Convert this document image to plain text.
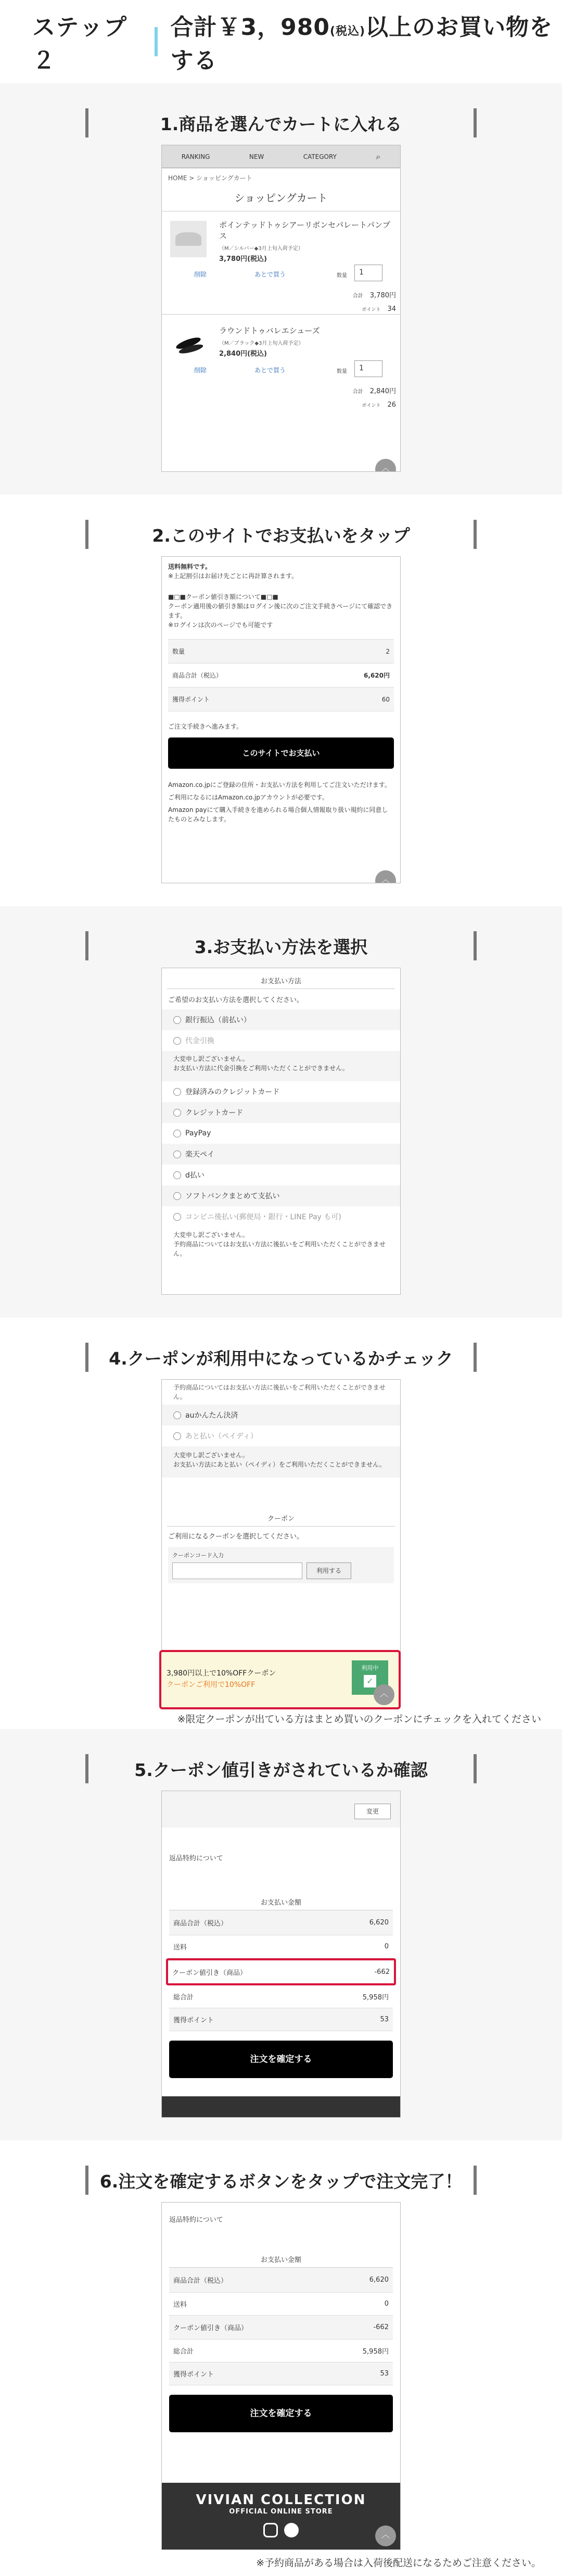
ステップ２
合計￥3，980(税込)以上のお買い物をする
1.商品を選んでカートに入れる
RANKING	NEW	CATEGORY	⌕
HOME > ショッピングカート
ショッピングカート
ポインテッドトゥシアーリボンセパレートパンプス
（M／シルバー◆3月上旬入荷予定）
3,780円(税込)
削除	あとで買う	数量	1
合計　 3,780円
ポイント　 34
ラウンドトゥバレエシューズ
（M／ブラック◆3月上旬入荷予定）
2,840円(税込)
削除	あとで買う	数量	1
合計　 2,840円
ポイント　 26
︿
2.このサイトでお支払いをタップ
送料無料です。
※上記割引はお届け先ごとに再計算されます。
■□■クーポン値引き額について■□■
クーポン適用後の値引き額はログイン後に次のご注文手続きページにて確認できます。
※ログインは次のページでも可能です
数量	2
商品合計（税込）	6,620円
獲得ポイント	60
ご注文手続きへ進みます。
このサイトでお支払い
Amazon.co.jpにご登録の住所・お支払い方法を利用してご注文いただけます。
ご利用になるにはAmazon.co.jpアカウントが必要です。
Amazon payにて購入手続きを進められる場合個人情報取り扱い規約に同意したものとみなします。
︿
3.お支払い方法を選択
お支払い方法
ご希望のお支払い方法を選択してください。
銀行振込（前払い）
代金引換
大変申し訳ございません。
お支払い方法に代金引換をご利用いただくことができません。
登録済みのクレジットカード
クレジットカード
PayPay
楽天ペイ
d払い
ソフトバンクまとめて支払い
コンビニ後払い(郵便局・銀行・LINE Pay も可)
大変申し訳ございません。
予約商品についてはお支払い方法に後払いをご利用いただくことができません。
4.クーポンが利用中になっているかチェック
予約商品についてはお支払い方法に後払いをご利用いただくことができません。
auかんたん決済
あと払い（ペイディ）
大変申し訳ございません。
お支払い方法にあと払い（ペイディ）をご利用いただくことができません。
クーポン
ご利用になるクーポンを選択してください。
クーポンコード入力
利用する
3,980円以上で10%OFFクーポン
クーポンご利用で10%OFF
利用中
✓
︿
※限定クーポンが出ている方はまとめ買いのクーポンにチェックを入れてください
5.クーポン値引きがされているか確認
変更
返品特約について
お支払い金額
商品合計（税込）	6,620
送料	0
クーポン値引き（商品）	-662
総合計	5,958円
獲得ポイント	53
注文を確定する
6.注文を確定するボタンをタップで注文完了！
返品特約について
お支払い金額
商品合計（税込）	6,620
送料	0
クーポン値引き（商品）	-662
総合計	5,958円
獲得ポイント	53
注文を確定する
VIVIAN COLLECTION
OFFICIAL ONLINE STORE
︿
※予約商品がある場合は入荷後配送になるためご注意ください。
